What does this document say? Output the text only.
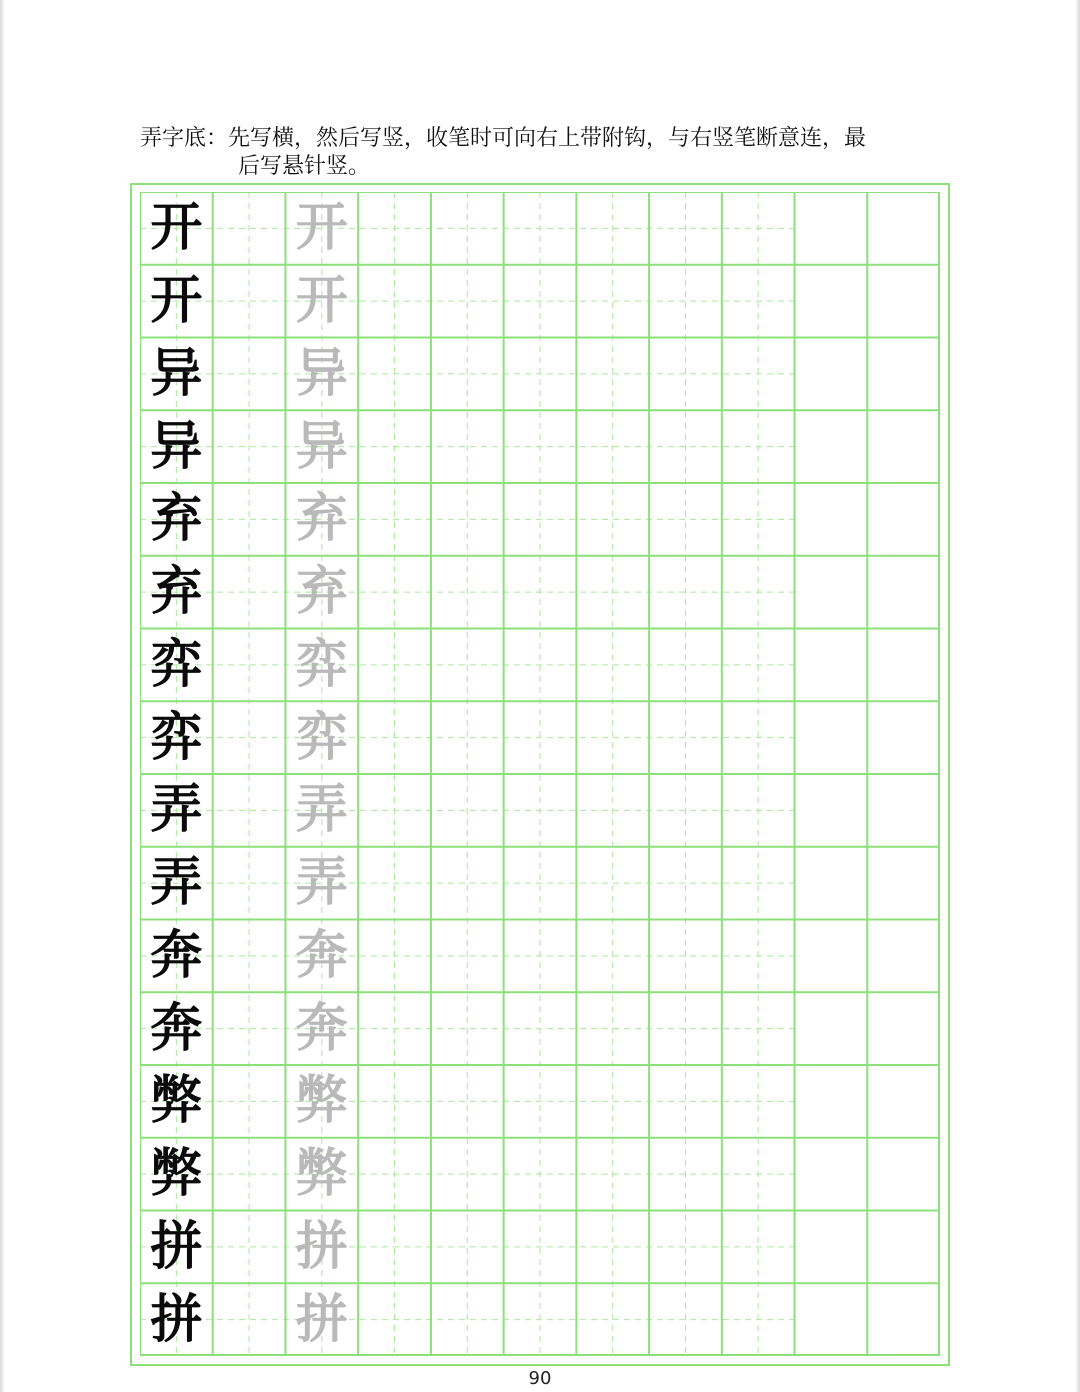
弄字底：先写横，然后写竖，收笔时可向右上带附钩，与右竖笔断意连，最
后写悬针竖。
开 开
开 开
异 异
异 异
弃 弃
弃 弃
弈 弈
弈 弈
弄 弄
弄 弄
奔 奔
奔 奔
弊 弊
弊 弊
拼 拼
拼 拼
90
